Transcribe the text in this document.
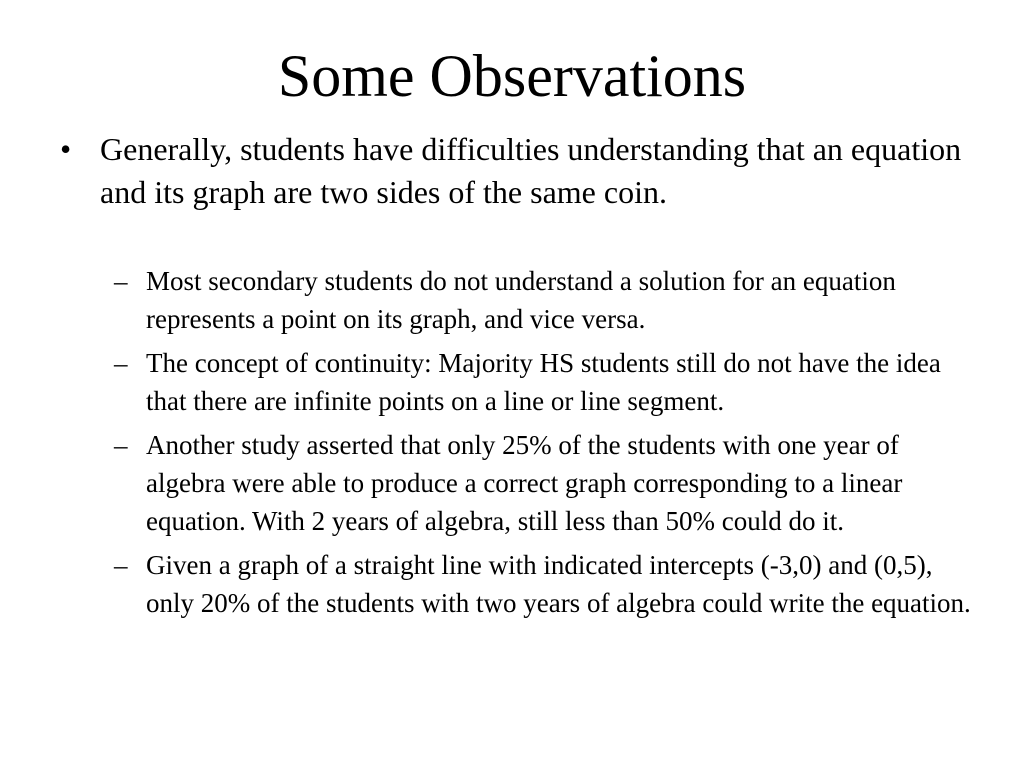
Some Observations
• Generally, students have difficulties understanding that an equation and its graph are two sides of the same coin.
– Most secondary students do not understand a solution for an equation represents a point on its graph, and vice versa.
– The concept of continuity: Majority HS students still do not have the idea that there are infinite points on a line or line segment.
– Another study asserted that only 25% of the students with one year of algebra were able to produce a correct graph corresponding to a linear equation. With 2 years of algebra, still less than 50% could do it.
– Given a graph of a straight line with indicated intercepts (-3,0) and (0,5), only 20% of the students with two years of algebra could write the equation.
